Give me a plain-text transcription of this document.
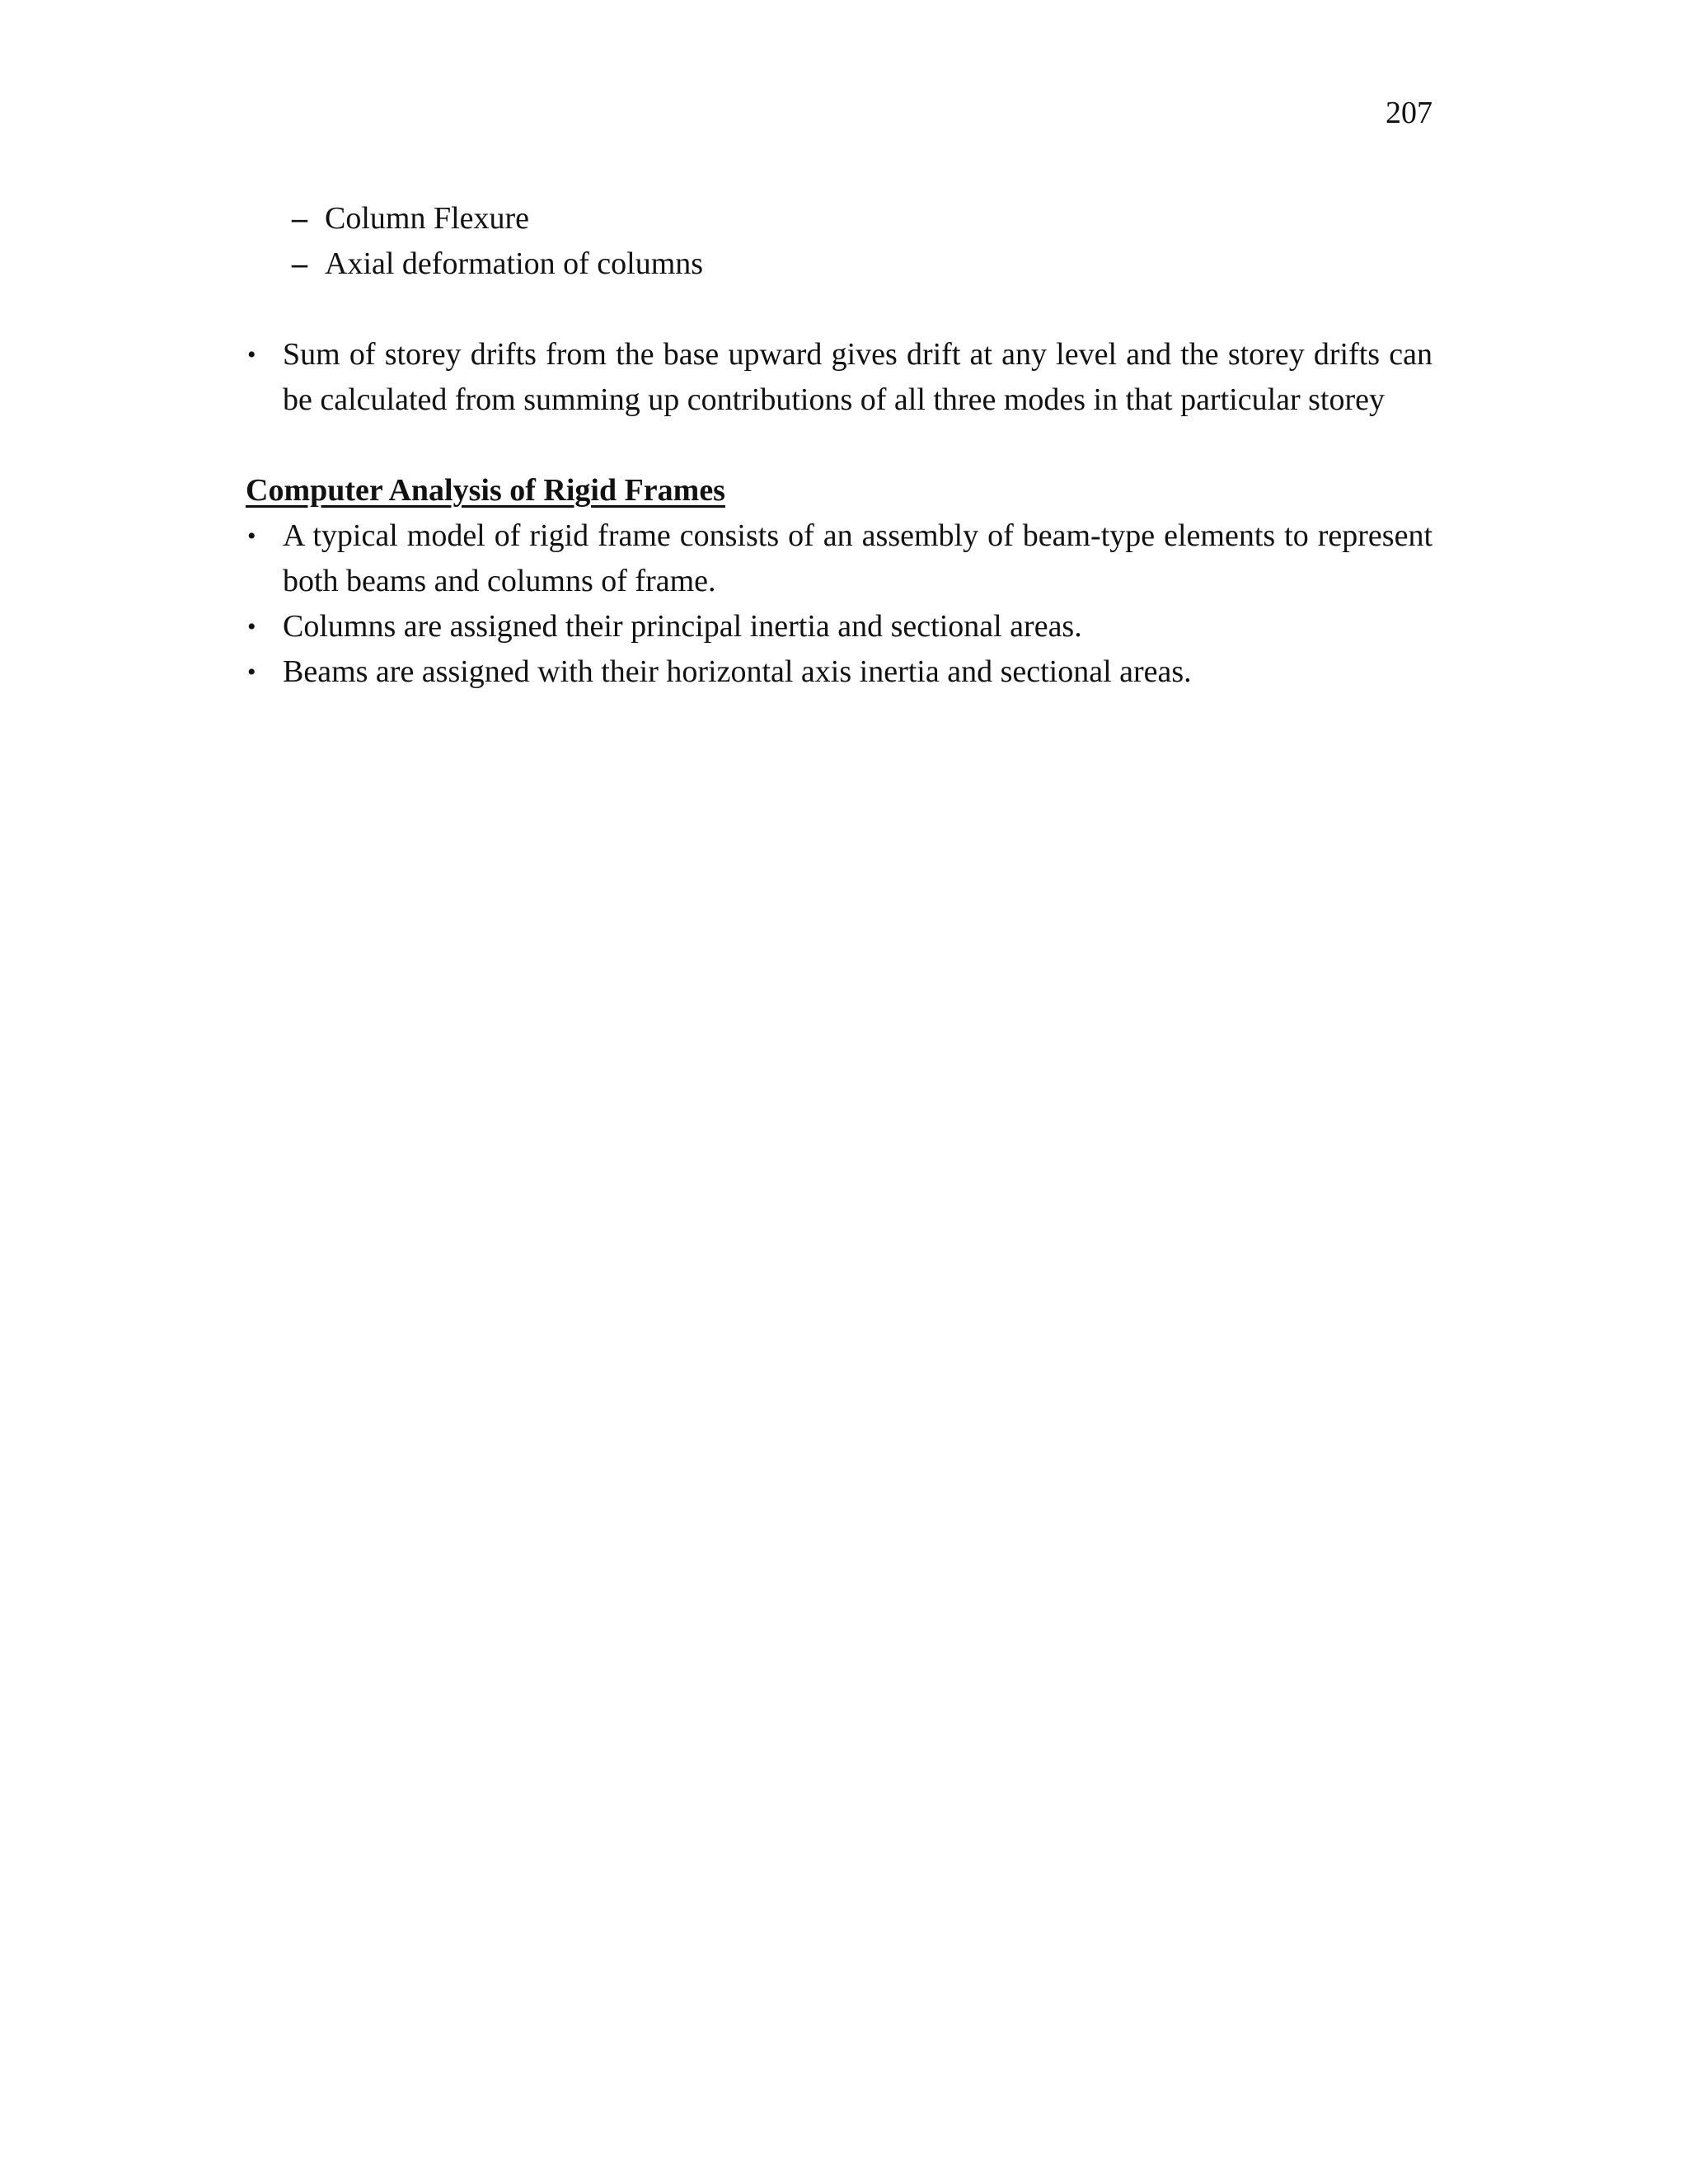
207
– Column Flexure
– Axial deformation of columns
• Sum of storey drifts from the base upward gives drift at any level and the storey drifts can be calculated from summing up contributions of all three modes in that particular storey
Computer Analysis of Rigid Frames
• A typical model of rigid frame consists of an assembly of beam-type elements to represent both beams and columns of frame.
• Columns are assigned their principal inertia and sectional areas.
• Beams are assigned with their horizontal axis inertia and sectional areas.
